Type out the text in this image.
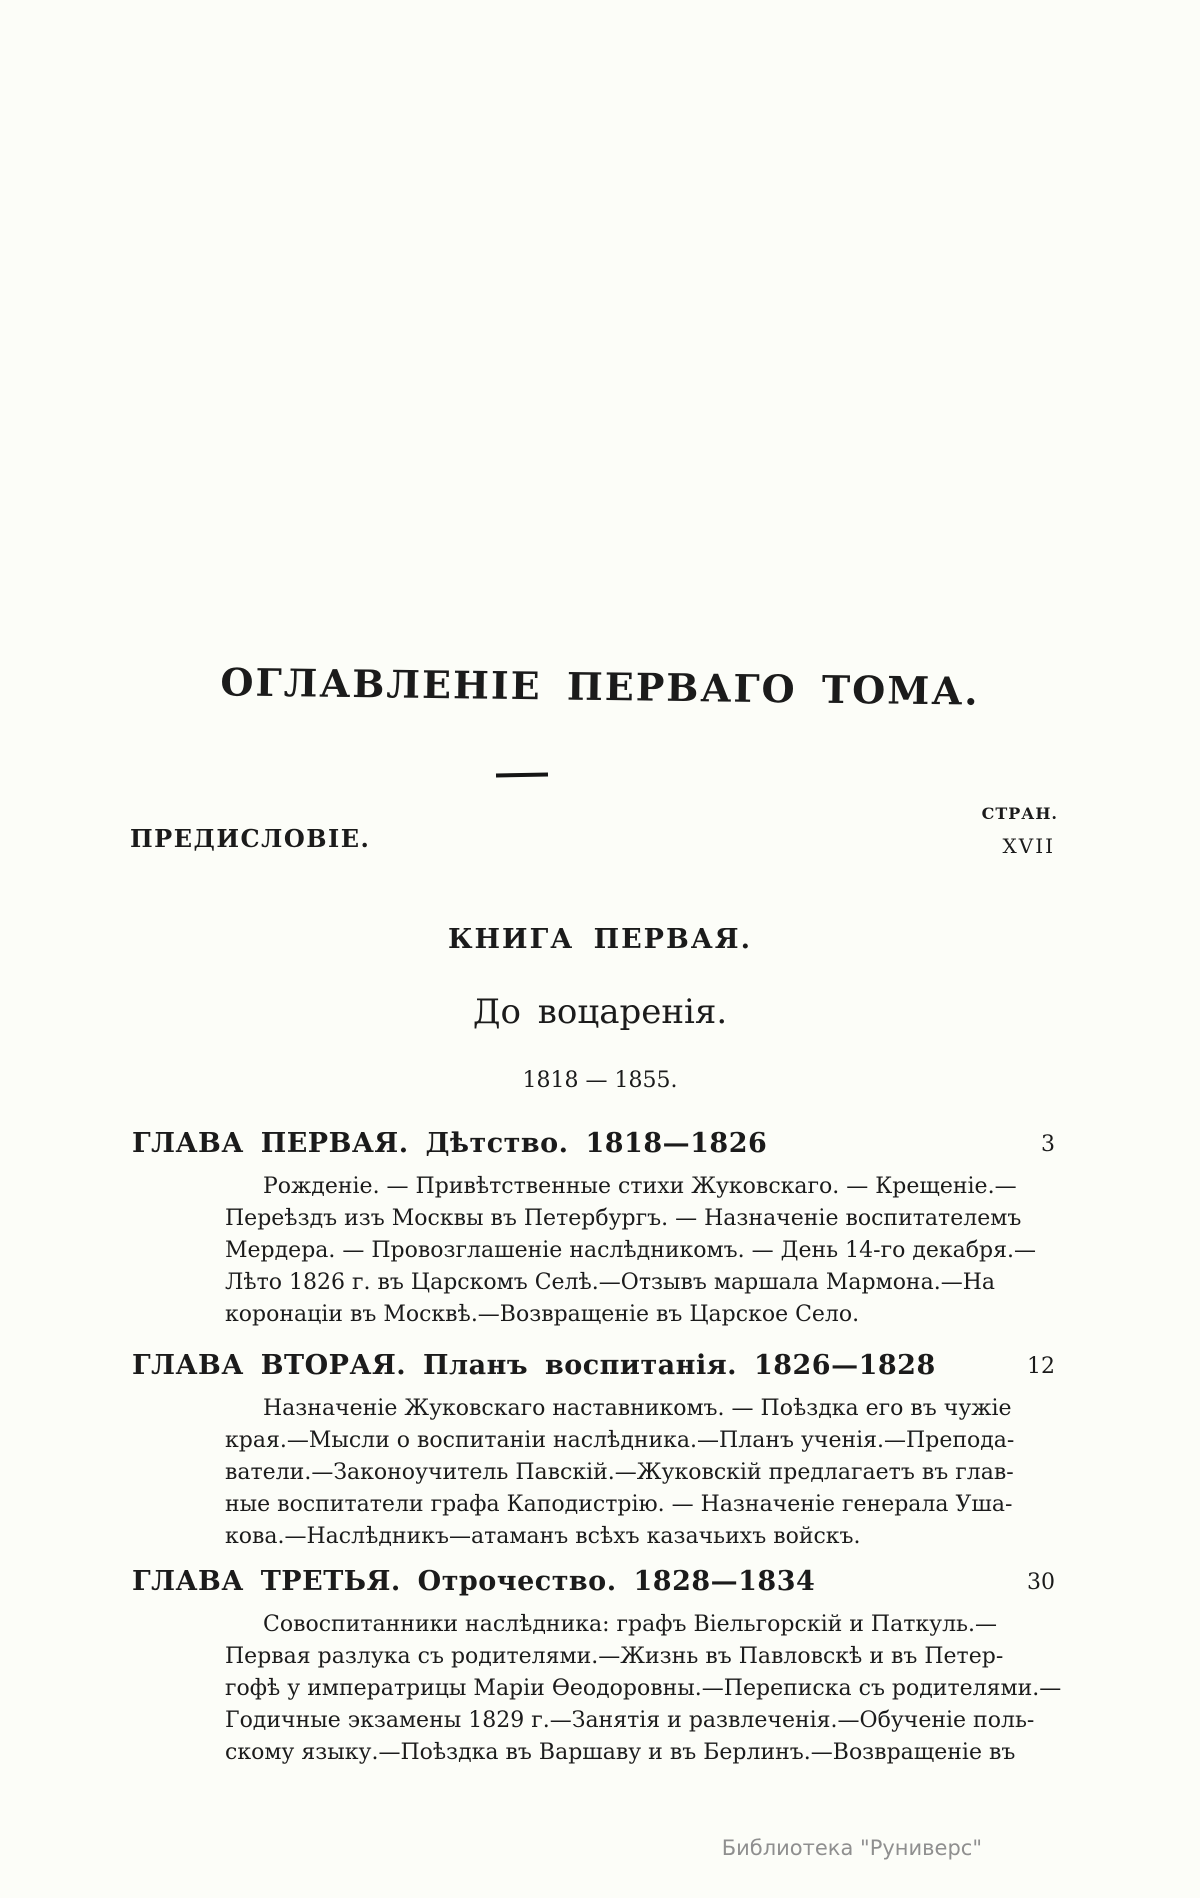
ОГЛАВЛЕНІЕ ПЕРВАГО ТОМА.
СТРАН.
ПРЕДИСЛОВІЕ.	XVII
КНИГА ПЕРВАЯ.
До воцаренія.
1818 — 1855.
ГЛАВА ПЕРВАЯ. Дѣтство. 1818—1826	3
Рожденіе. — Привѣтственные стихи Жуковскаго. — Крещеніе.—
Переѣздъ изъ Москвы въ Петербургъ. — Назначеніе воспитателемъ
Мердера. — Провозглашеніе наслѣдникомъ. — День 14-го декабря.—
Лѣто 1826 г. въ Царскомъ Селѣ.—Отзывъ маршала Мармона.—На
коронаціи въ Москвѣ.—Возвращеніе въ Царское Село.
ГЛАВА ВТОРАЯ. Планъ воспитанія. 1826—1828	12
Назначеніе Жуковскаго наставникомъ. — Поѣздка его въ чужіе
края.—Мысли о воспитаніи наслѣдника.—Планъ ученія.—Препода-
ватели.—Законоучитель Павскій.—Жуковскій предлагаетъ въ глав-
ные воспитатели графа Каподистрію. — Назначеніе генерала Уша-
кова.—Наслѣдникъ—атаманъ всѣхъ казачьихъ войскъ.
ГЛАВА ТРЕТЬЯ. Отрочество. 1828—1834	30
Совоспитанники наслѣдника: графъ Віельгорскій и Паткуль.—
Первая разлука съ родителями.—Жизнь въ Павловскѣ и въ Петер-
гофѣ у императрицы Маріи Ѳеодоровны.—Переписка съ родителями.—
Годичные экзамены 1829 г.—Занятія и развлеченія.—Обученіе поль-
скому языку.—Поѣздка въ Варшаву и въ Берлинъ.—Возвращеніе въ
Библиотека "Руниверс"
